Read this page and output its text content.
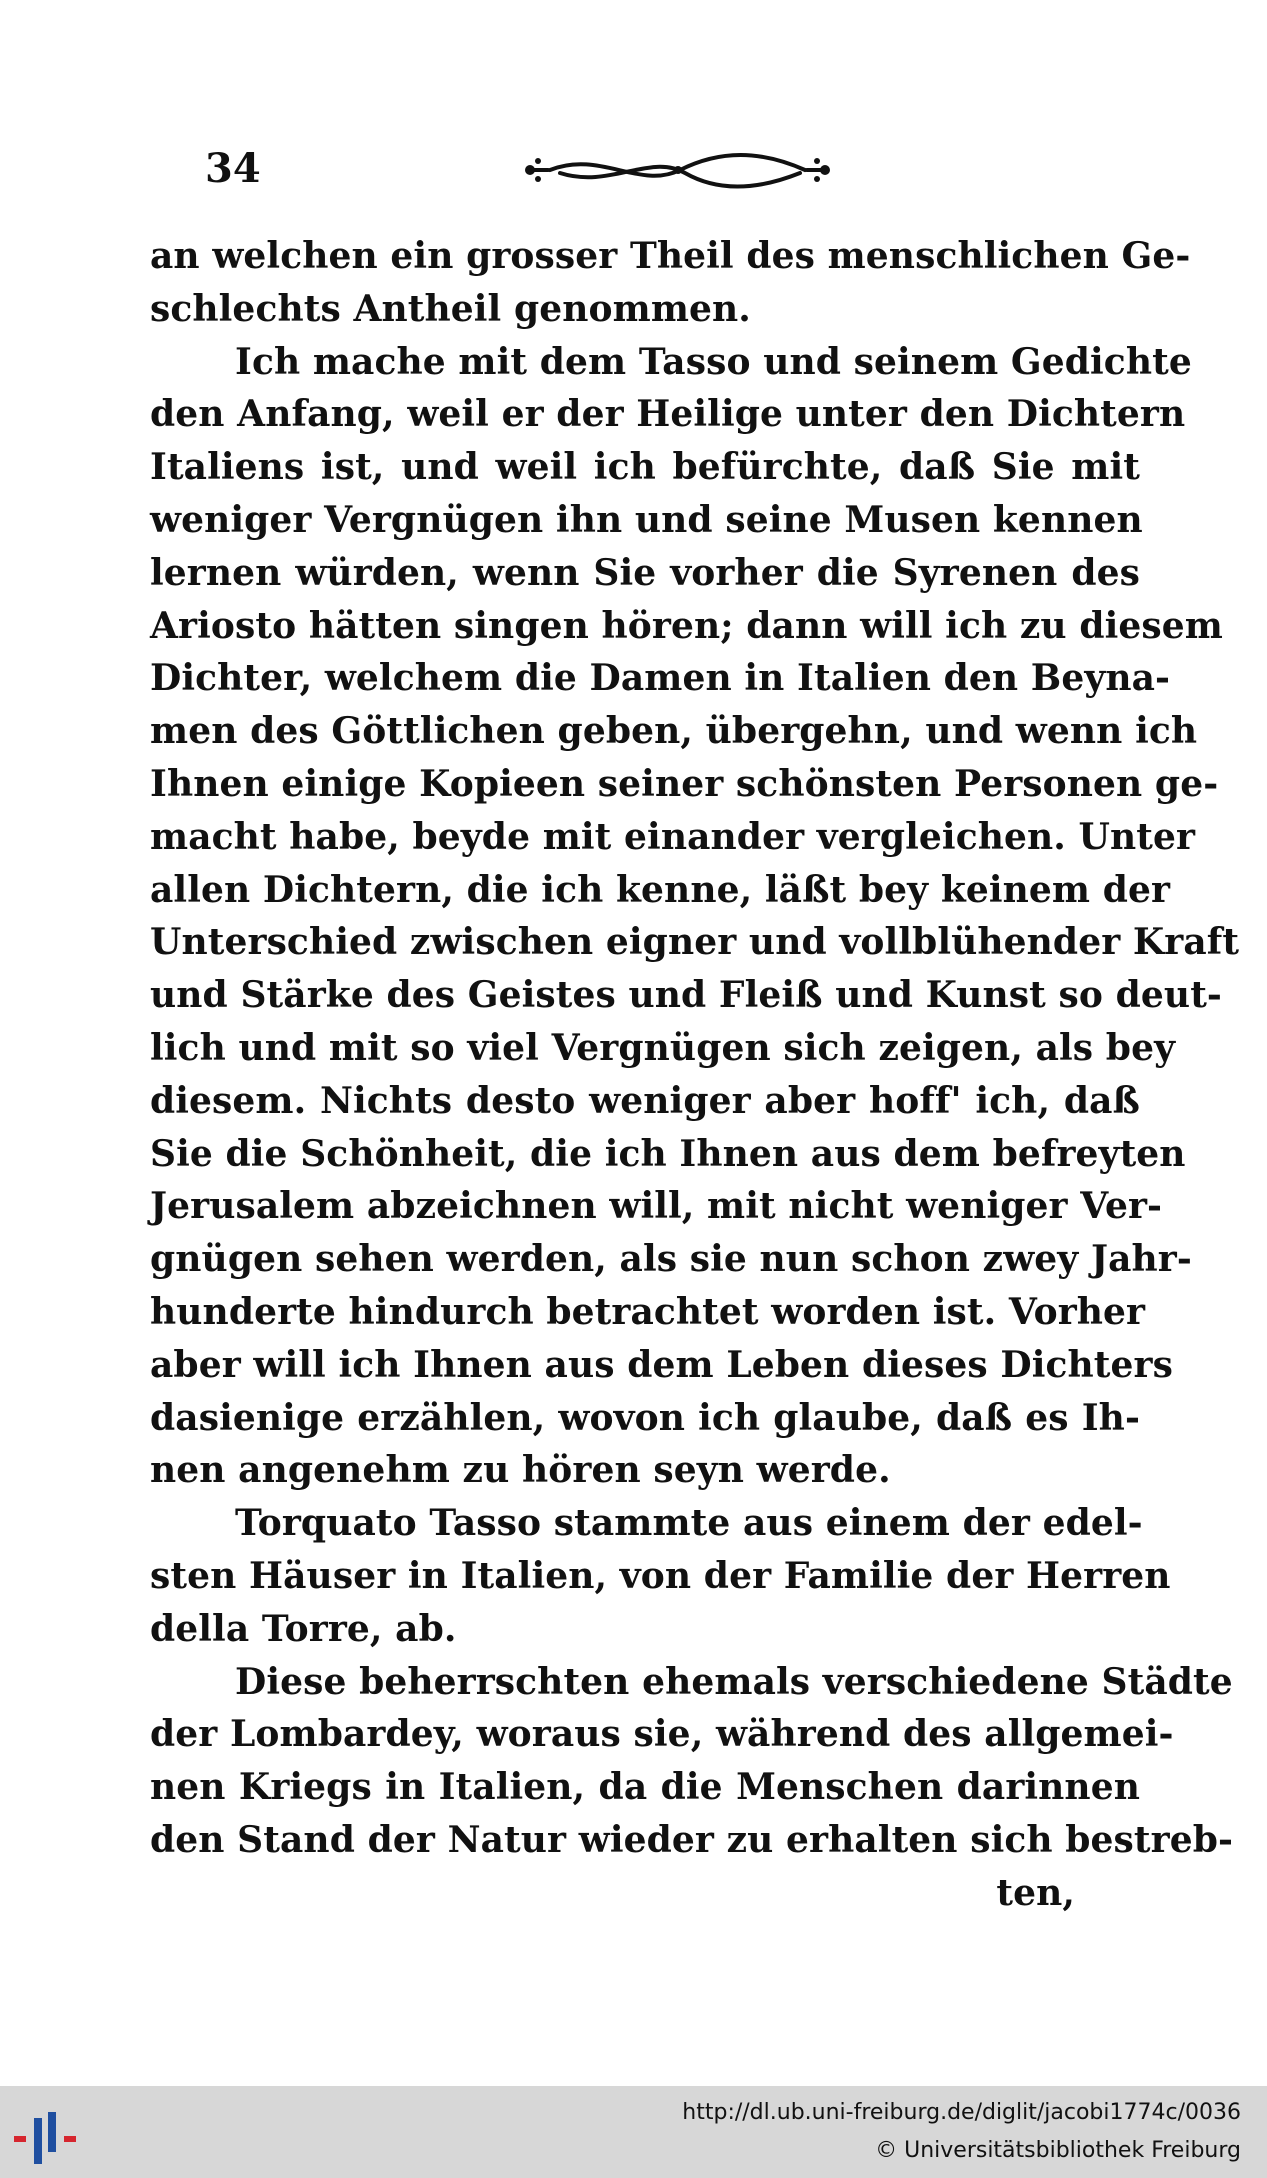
34
an welchen ein grosser Theil des menschlichen Ge-
schlechts Antheil genommen.
Ich mache mit dem Tasso und seinem Gedichte
den Anfang, weil er der Heilige unter den Dichtern
Italiens ist, und weil ich befürchte, daß Sie mit
weniger Vergnügen ihn und seine Musen kennen
lernen würden, wenn Sie vorher die Syrenen des
Ariosto hätten singen hören; dann will ich zu diesem
Dichter, welchem die Damen in Italien den Beyna-
men des Göttlichen geben, übergehn, und wenn ich
Ihnen einige Kopieen seiner schönsten Personen ge-
macht habe, beyde mit einander vergleichen. Unter
allen Dichtern, die ich kenne, läßt bey keinem der
Unterschied zwischen eigner und vollblühender Kraft
und Stärke des Geistes und Fleiß und Kunst so deut-
lich und mit so viel Vergnügen sich zeigen, als bey
diesem. Nichts desto weniger aber hoff' ich, daß
Sie die Schönheit, die ich Ihnen aus dem befreyten
Jerusalem abzeichnen will, mit nicht weniger Ver-
gnügen sehen werden, als sie nun schon zwey Jahr-
hunderte hindurch betrachtet worden ist. Vorher
aber will ich Ihnen aus dem Leben dieses Dichters
dasienige erzählen, wovon ich glaube, daß es Ih-
nen angenehm zu hören seyn werde.
Torquato Tasso stammte aus einem der edel-
sten Häuser in Italien, von der Familie der Herren
della Torre, ab.
Diese beherrschten ehemals verschiedene Städte
der Lombardey, woraus sie, während des allgemei-
nen Kriegs in Italien, da die Menschen darinnen
den Stand der Natur wieder zu erhalten sich bestreb-
ten,
http://dl.ub.uni-freiburg.de/diglit/jacobi1774c/0036
© Universitätsbibliothek Freiburg
